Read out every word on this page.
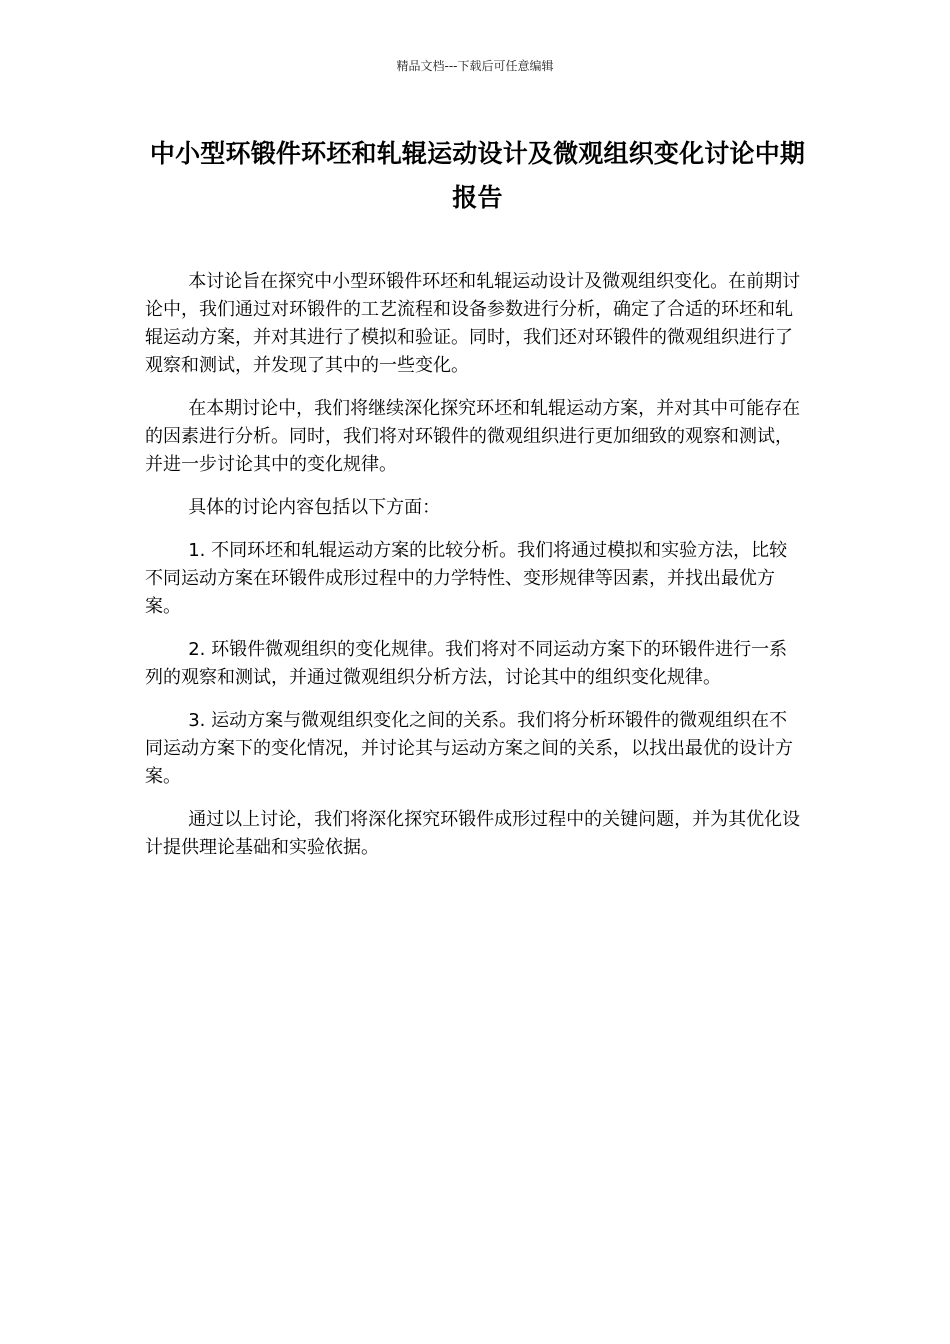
精品文档---下载后可任意编辑
中小型环锻件环坯和轧辊运动设计及微观组织变化讨论中期报告

本讨论旨在探究中小型环锻件环坯和轧辊运动设计及微观组织变化。在前期讨论中，我们通过对环锻件的工艺流程和设备参数进行分析，确定了合适的环坯和轧辊运动方案，并对其进行了模拟和验证。同时，我们还对环锻件的微观组织进行了观察和测试，并发现了其中的一些变化。

在本期讨论中，我们将继续深化探究环坯和轧辊运动方案，并对其中可能存在的因素进行分析。同时，我们将对环锻件的微观组织进行更加细致的观察和测试，并进一步讨论其中的变化规律。

具体的讨论内容包括以下方面：

1. 不同环坯和轧辊运动方案的比较分析。我们将通过模拟和实验方法，比较不同运动方案在环锻件成形过程中的力学特性、变形规律等因素，并找出最优方案。

2. 环锻件微观组织的变化规律。我们将对不同运动方案下的环锻件进行一系列的观察和测试，并通过微观组织分析方法，讨论其中的组织变化规律。

3. 运动方案与微观组织变化之间的关系。我们将分析环锻件的微观组织在不同运动方案下的变化情况，并讨论其与运动方案之间的关系，以找出最优的设计方案。

通过以上讨论，我们将深化探究环锻件成形过程中的关键问题，并为其优化设计提供理论基础和实验依据。
